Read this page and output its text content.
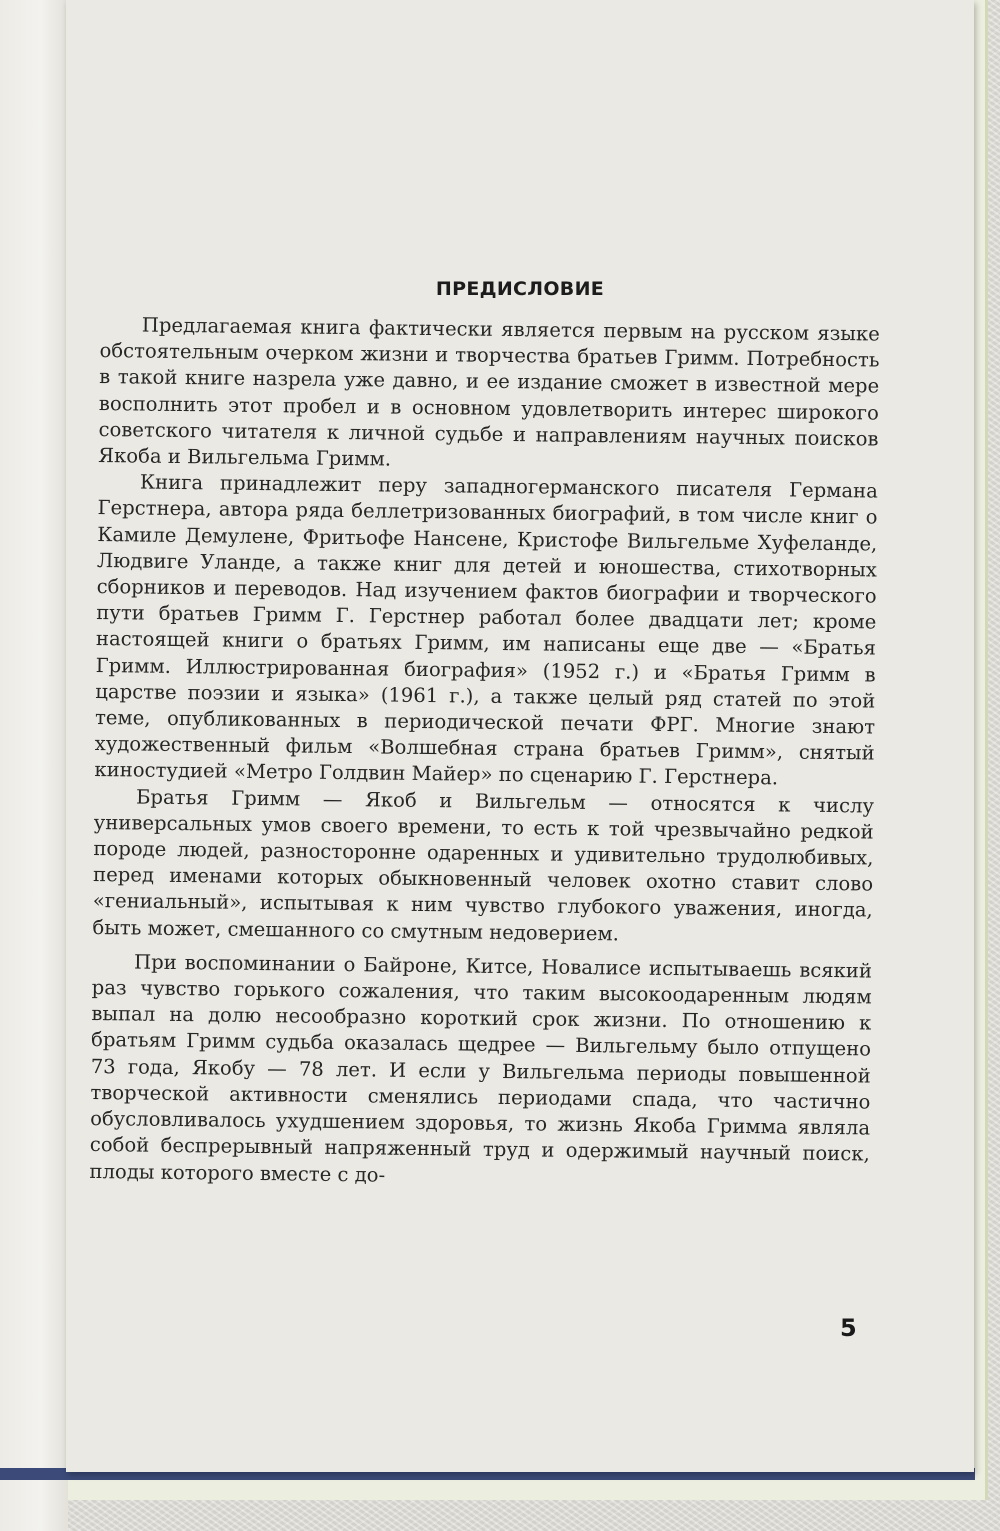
ПРЕДИСЛОВИЕ

Предлагаемая книга фактически является первым на русском языке обстоятельным очерком жизни и творчества братьев Гримм. Потребность в такой книге назрела уже давно, и ее издание сможет в известной мере восполнить этот пробел и в основном удовлетворить интерес широкого советского читателя к личной судьбе и направлениям научных поисков Якоба и Вильгельма Гримм.

Книга принадлежит перу западногерманского писателя Германа Герстнера, автора ряда беллетризованных биографий, в том числе книг о Камиле Демулене, Фритьофе Нансене, Кристофе Вильгельме Хуфеланде, Людвиге Уланде, а также книг для детей и юношества, стихотворных сборников и переводов. Над изучением фактов биографии и творческого пути братьев Гримм Г. Герстнер работал более двадцати лет; кроме настоящей книги о братьях Гримм, им написаны еще две — «Братья Гримм. Иллюстрированная биография» (1952 г.) и «Братья Гримм в царстве поэзии и языка» (1961 г.), а также целый ряд статей по этой теме, опубликованных в периодической печати ФРГ. Многие знают художественный фильм «Волшебная страна братьев Гримм», снятый киностудией «Метро Голдвин Майер» по сценарию Г. Герстнера.

Братья Гримм — Якоб и Вильгельм — относятся к числу универсальных умов своего времени, то есть к той чрезвычайно редкой породе людей, разносторонне одаренных и удивительно трудолюбивых, перед именами которых обыкновенный человек охотно ставит слово «гениальный», испытывая к ним чувство глубокого уважения, иногда, быть может, смешанного со смутным недоверием.

При воспоминании о Байроне, Китсе, Новалисе испытываешь всякий раз чувство горького сожаления, что таким высокоодаренным людям выпал на долю несообразно короткий срок жизни. По отношению к братьям Гримм судьба оказалась щедрее — Вильгельму было отпущено 73 года, Якобу — 78 лет. И если у Вильгельма периоды повышенной творческой активности сменялись периодами спада, что частично обусловливалось ухудшением здоровья, то жизнь Якоба Гримма являла собой беспрерывный напряженный труд и одержимый научный поиск, плоды которого вместе с до-

5
